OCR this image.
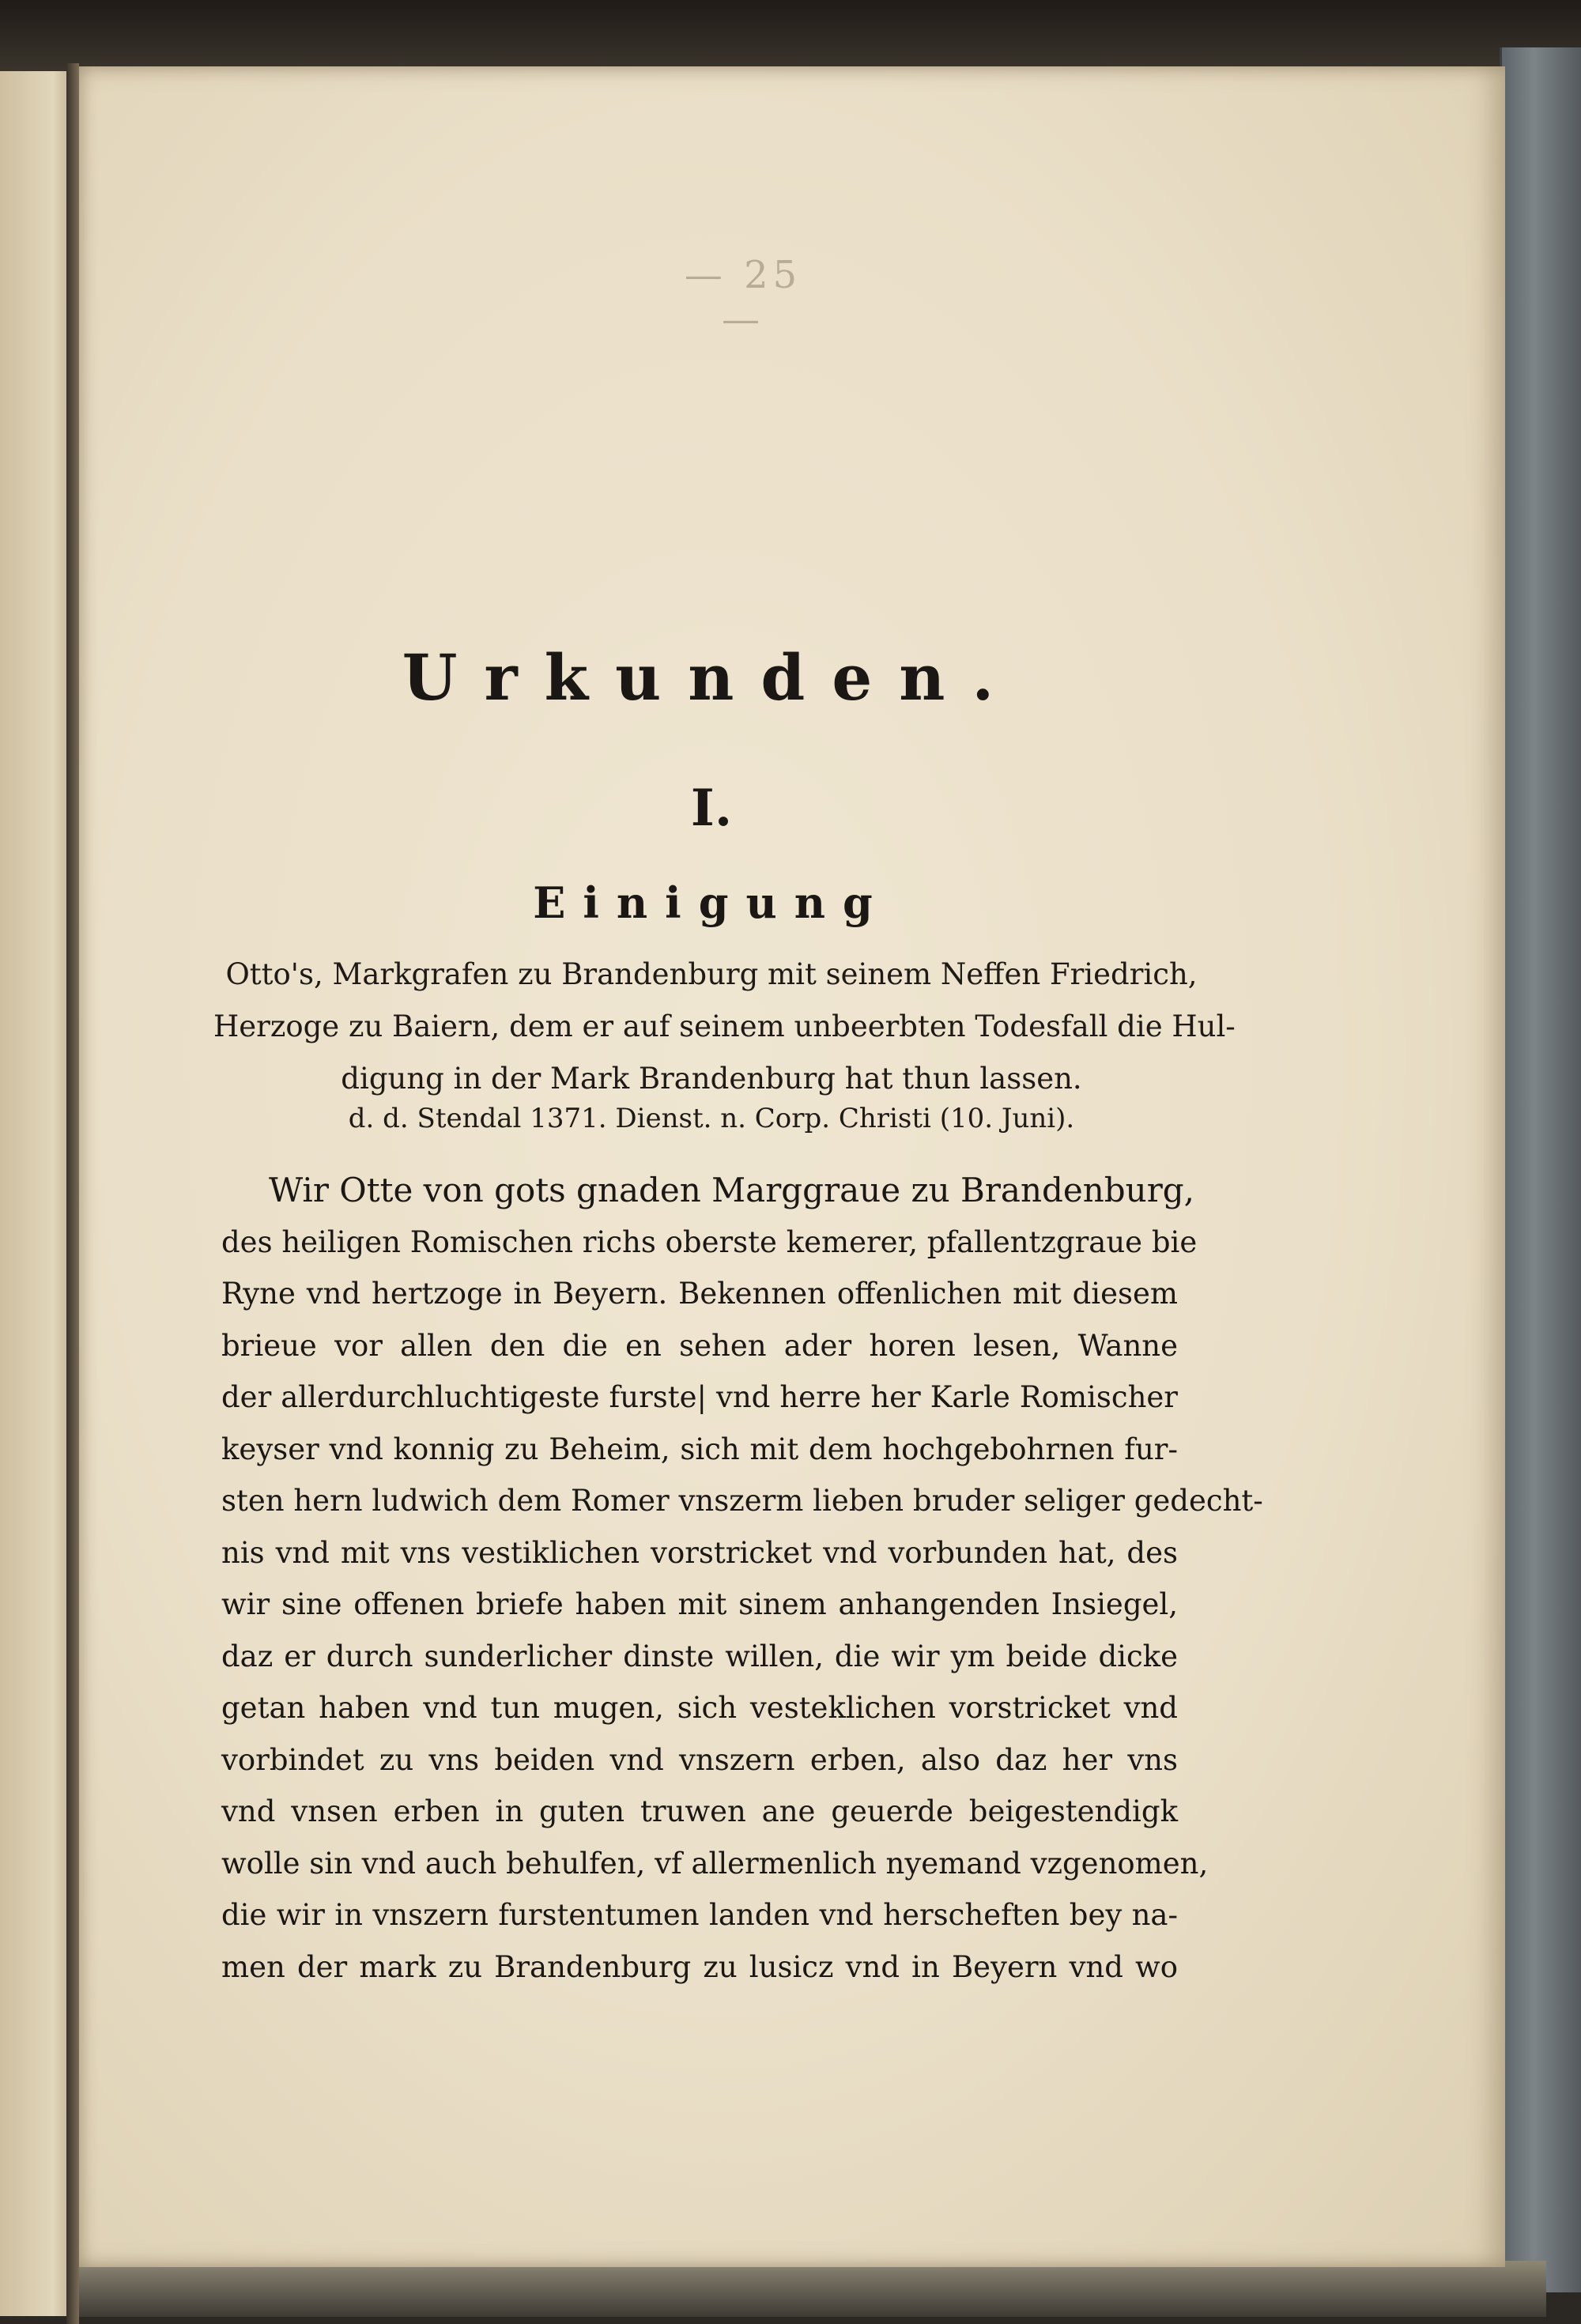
— 25 —
Urkunden.
I.
Einigung
Otto's, Markgrafen zu Brandenburg mit seinem Neffen Friedrich,
Herzoge zu Baiern, dem er auf seinem unbeerbten Todesfall die Hul-
digung in der Mark Brandenburg hat thun lassen.
d. d. Stendal 1371. Dienst. n. Corp. Christi (10. Juni).
Wir Otte von gots gnaden Marggraue zu Brandenburg,
des heiligen Romischen richs oberste kemerer, pfallentzgraue bie
Ryne vnd hertzoge in Beyern. Bekennen offenlichen mit diesem
brieue vor allen den die en sehen ader horen lesen, Wanne
der allerdurchluchtigeste furste| vnd herre her Karle Romischer
keyser vnd konnig zu Beheim, sich mit dem hochgebohrnen fur-
sten hern ludwich dem Romer vnszerm lieben bruder seliger gedecht-
nis vnd mit vns vestiklichen vorstricket vnd vorbunden hat, des
wir sine offenen briefe haben mit sinem anhangenden Insiegel,
daz er durch sunderlicher dinste willen, die wir ym beide dicke
getan haben vnd tun mugen, sich vesteklichen vorstricket vnd
vorbindet zu vns beiden vnd vnszern erben, also daz her vns
vnd vnsen erben in guten truwen ane geuerde beigestendigk
wolle sin vnd auch behulfen, vf allermenlich nyemand vzgenomen,
die wir in vnszern furstentumen landen vnd herscheften bey na-
men der mark zu Brandenburg zu lusicz vnd in Beyern vnd wo
